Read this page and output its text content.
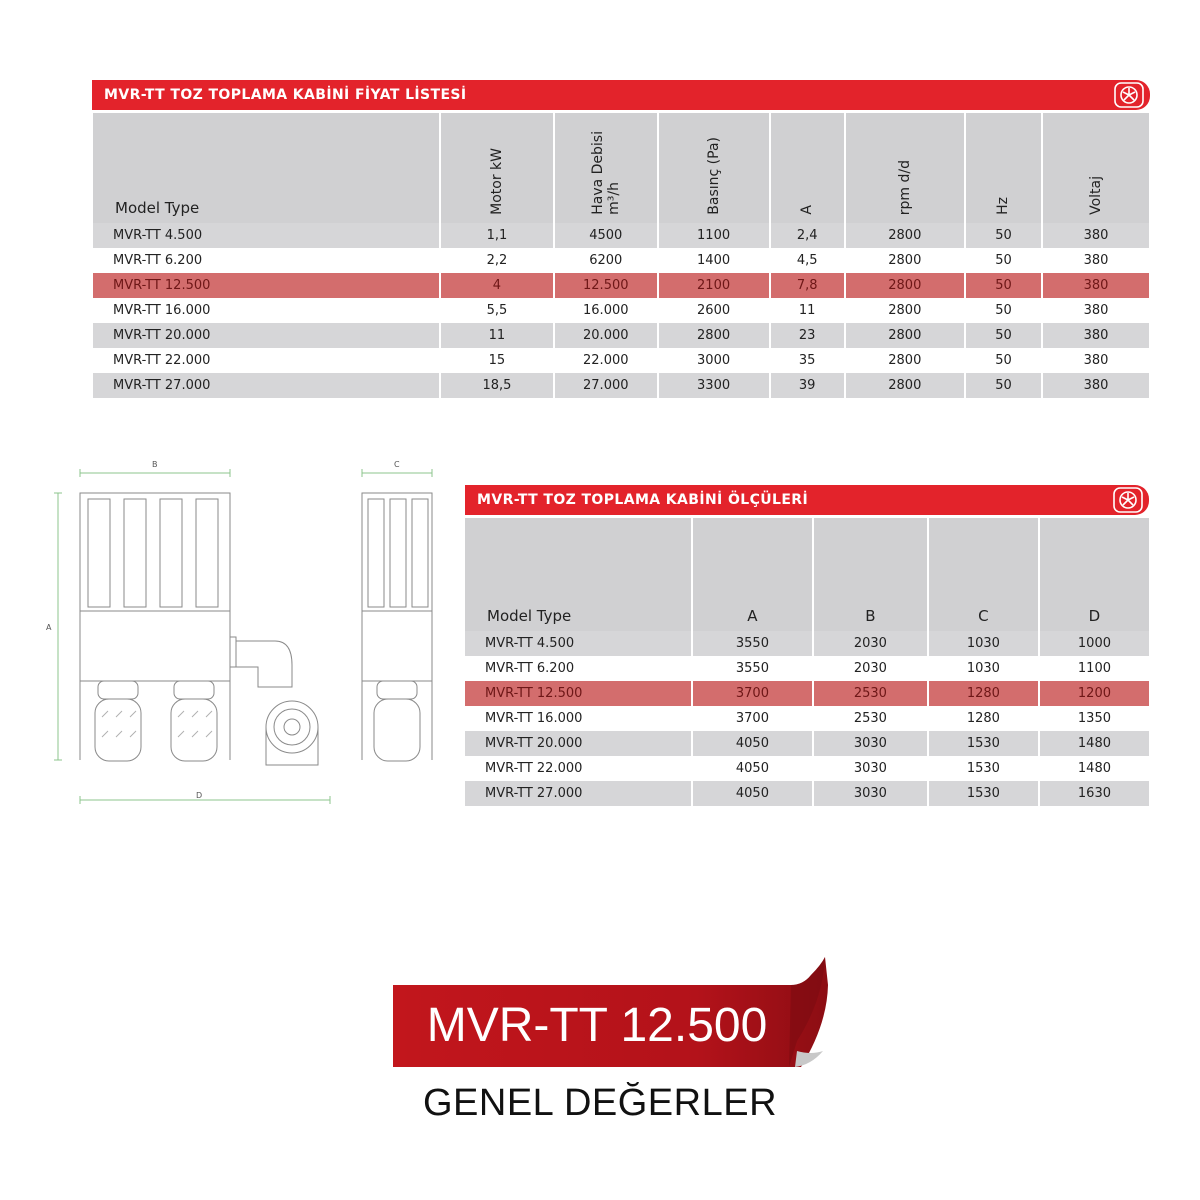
MVR-TT TOZ TOPLAMA KABİNİ FİYAT LİSTESİ
Model Type	Motor kW	Hava Debisim³/h	Basınç (Pa)	A	rpm d/d	Hz	Voltaj
MVR-TT 4.500	1,1	4500	1100	2,4	2800	50	380
MVR-TT 6.200	2,2	6200	1400	4,5	2800	50	380
MVR-TT 12.500	4	12.500	2100	7,8	2800	50	380
MVR-TT 16.000	5,5	16.000	2600	11	2800	50	380
MVR-TT 20.000	11	20.000	2800	23	2800	50	380
MVR-TT 22.000	15	22.000	3000	35	2800	50	380
MVR-TT 27.000	18,5	27.000	3300	39	2800	50	380
B
A
D
C
MVR-TT TOZ TOPLAMA KABİNİ ÖLÇÜLERİ
Model Type	A	B	C	D
MVR-TT 4.500	3550	2030	1030	1000
MVR-TT 6.200	3550	2030	1030	1100
MVR-TT 12.500	3700	2530	1280	1200
MVR-TT 16.000	3700	2530	1280	1350
MVR-TT 20.000	4050	3030	1530	1480
MVR-TT 22.000	4050	3030	1530	1480
MVR-TT 27.000	4050	3030	1530	1630
MVR-TT 12.500
GENEL DEĞERLER
